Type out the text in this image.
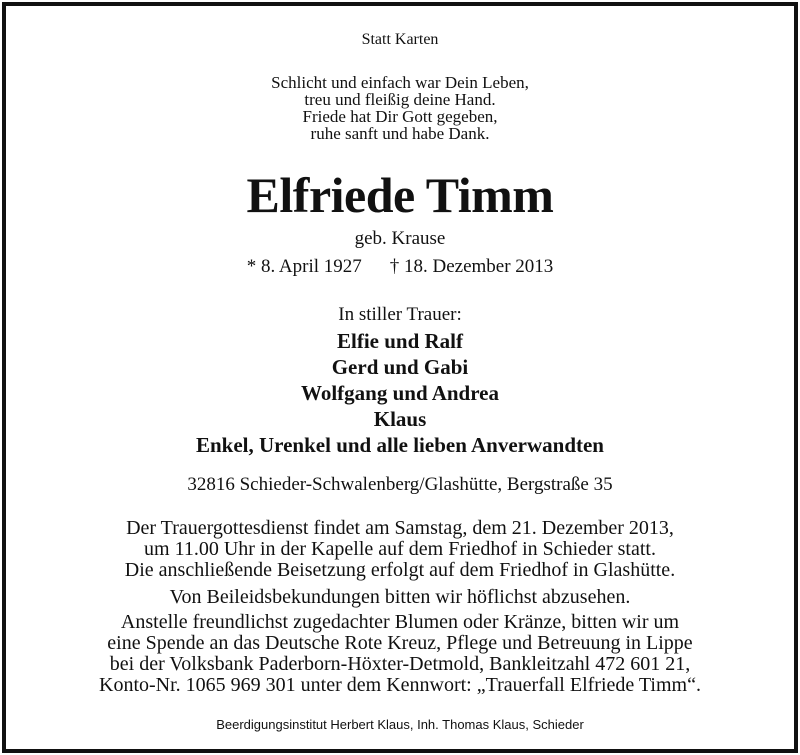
Statt Karten
Schlicht und einfach war Dein Leben,
treu und fleißig deine Hand.
Friede hat Dir Gott gegeben,
ruhe sanft und habe Dank.
Elfriede Timm
geb. Krause
* 8. April 1927 † 18. Dezember 2013
In stiller Trauer:
Elfie und Ralf
Gerd und Gabi
Wolfgang und Andrea
Klaus
Enkel, Urenkel und alle lieben Anverwandten
32816 Schieder-Schwalenberg/Glashütte, Bergstraße 35
Der Trauergottesdienst findet am Samstag, dem 21. Dezember 2013,
um 11.00 Uhr in der Kapelle auf dem Friedhof in Schieder statt.
Die anschließende Beisetzung erfolgt auf dem Friedhof in Glashütte.
Von Beileidsbekundungen bitten wir höflichst abzusehen.
Anstelle freundlichst zugedachter Blumen oder Kränze, bitten wir um
eine Spende an das Deutsche Rote Kreuz, Pflege und Betreuung in Lippe
bei der Volksbank Paderborn-Höxter-Detmold, Bankleitzahl 472 601 21,
Konto-Nr. 1065 969 301 unter dem Kennwort: „Trauerfall Elfriede Timm“.
Beerdigungsinstitut Herbert Klaus, Inh. Thomas Klaus, Schieder
